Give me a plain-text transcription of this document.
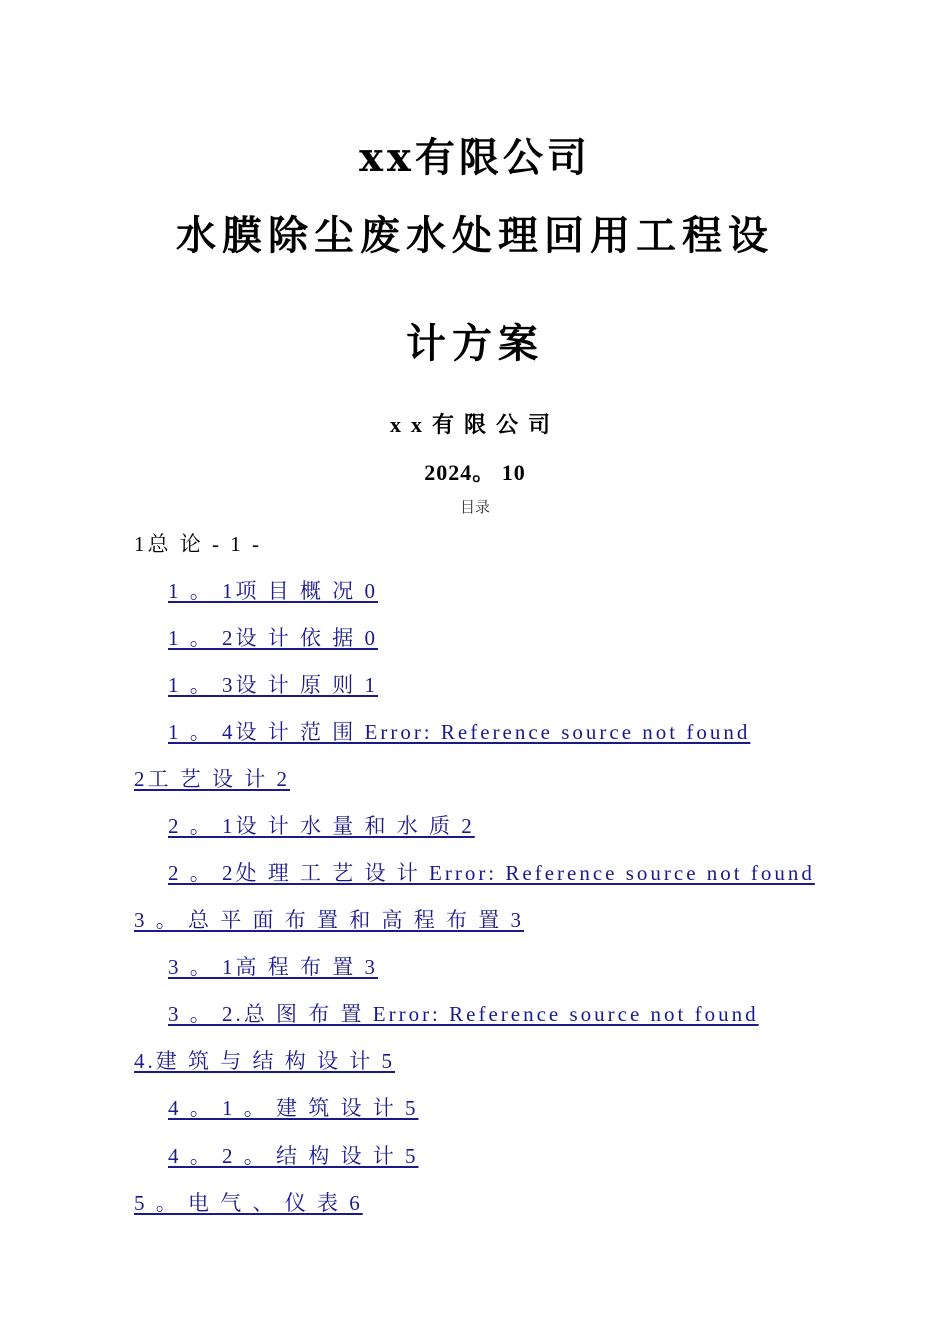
xx有限公司
水膜除尘废水处理回用工程设
计方案
xx有限公司
2024。 10
目录
1总 论 - 1 -
1 。 1项 目 概 况 0
1 。 2设 计 依 据 0
1 。 3设 计 原 则 1
1 。 4设 计 范 围 Error: Reference source not found
2工 艺 设 计 2
2 。 1设 计 水 量 和 水 质 2
2 。 2处 理 工 艺 设 计 Error: Reference source not found
3 。 总 平 面 布 置 和 高 程 布 置 3
3 。 1高 程 布 置 3
3 。 2.总 图 布 置 Error: Reference source not found
4.建 筑 与 结 构 设 计 5
4 。 1 。 建 筑 设 计 5
4 。 2 。 结 构 设 计 5
5 。 电 气 、 仪 表 6
